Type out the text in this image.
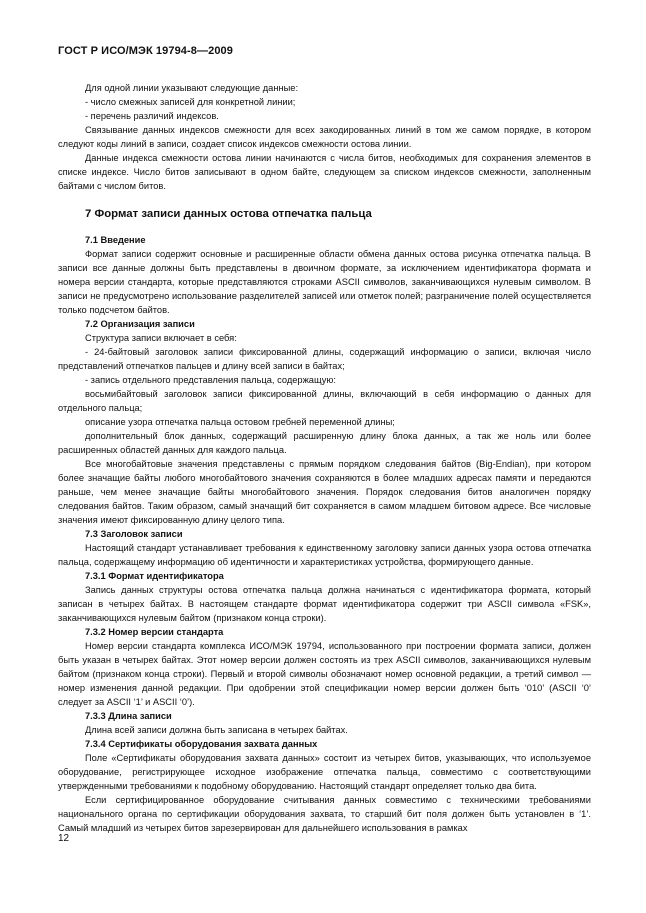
ГОСТ Р ИСО/МЭК 19794-8—2009

Для одной линии указывают следующие данные:

- число смежных записей для конкретной линии;

- перечень различий индексов.

Связывание данных индексов смежности для всех закодированных линий в том же самом порядке, в котором следуют коды линий в записи, создает список индексов смежности остова линии.

Данные индекса смежности остова линии начинаются с числа битов, необходимых для сохранения элементов в списке индексе. Число битов записывают в одном байте, следующем за списком индексов смежности, заполненным байтами с числом битов.

7 Формат записи данных остова отпечатка пальца

7.1 Введение

Формат записи содержит основные и расширенные области обмена данных остова рисунка отпечатка пальца. В записи все данные должны быть представлены в двоичном формате, за исключением идентификатора формата и номера версии стандарта, которые представляются строками ASCII символов, заканчивающихся нулевым символом. В записи не предусмотрено использование разделителей записей или отметок полей; разграничение полей осуществляется только подсчетом байтов.

7.2 Организация записи

Структура записи включает в себя:

- 24-байтовый заголовок записи фиксированной длины, содержащий информацию о записи, включая число представлений отпечатков пальцев и длину всей записи в байтах;

- запись отдельного представления пальца, содержащую:

восьмибайтовый заголовок записи фиксированной длины, включающий в себя информацию о данных для отдельного пальца;

описание узора отпечатка пальца остовом гребней переменной длины;

дополнительный блок данных, содержащий расширенную длину блока данных, а так же ноль или более расширенных областей данных для каждого пальца.

Все многобайтовые значения представлены с прямым порядком следования байтов (Big-Endian), при котором более значащие байты любого многобайтового значения сохраняются в более младших адресах памяти и передаются раньше, чем менее значащие байты многобайтового значения. Порядок следования битов аналогичен порядку следования байтов. Таким образом, самый значащий бит сохраняется в самом младшем битовом адресе. Все числовые значения имеют фиксированную длину целого типа.

7.3 Заголовок записи

Настоящий стандарт устанавливает требования к единственному заголовку записи данных узора остова отпечатка пальца, содержащему информацию об идентичности и характеристиках устройства, формирующего данные.

7.3.1 Формат идентификатора

Запись данных структуры остова отпечатка пальца должна начинаться с идентификатора формата, который записан в четырех байтах. В настоящем стандарте формат идентификатора содержит три ASCII символа «FSK», заканчивающихся нулевым байтом (признаком конца строки).

7.3.2 Номер версии стандарта

Номер версии стандарта комплекса ИСО/МЭК 19794, использованного при построении формата записи, должен быть указан в четырех байтах. Этот номер версии должен состоять из трех ASCII символов, заканчивающихся нулевым байтом (признаком конца строки). Первый и второй символы обозначают номер основной редакции, а третий символ — номер изменения данной редакции. При одобрении этой спецификации номер версии должен быть ‘010’ (ASCII ‘0’ следует за ASCII ‘1’ и ASCII ‘0’).

7.3.3 Длина записи

Длина всей записи должна быть записана в четырех байтах.

7.3.4 Сертификаты оборудования захвата данных

Поле «Сертификаты оборудования захвата данных» состоит из четырех битов, указывающих, что используемое оборудование, регистрирующее исходное изображение отпечатка пальца, совместимо с соответствующими утвержденными требованиями к подобному оборудованию. Настоящий стандарт определяет только два бита.

Если сертифицированное оборудование считывания данных совместимо с техническими требованиями национального органа по сертификации оборудования захвата, то старший бит поля должен быть установлен в ‘1’. Самый младший из четырех битов зарезервирован для дальнейшего использования в рамках

12
